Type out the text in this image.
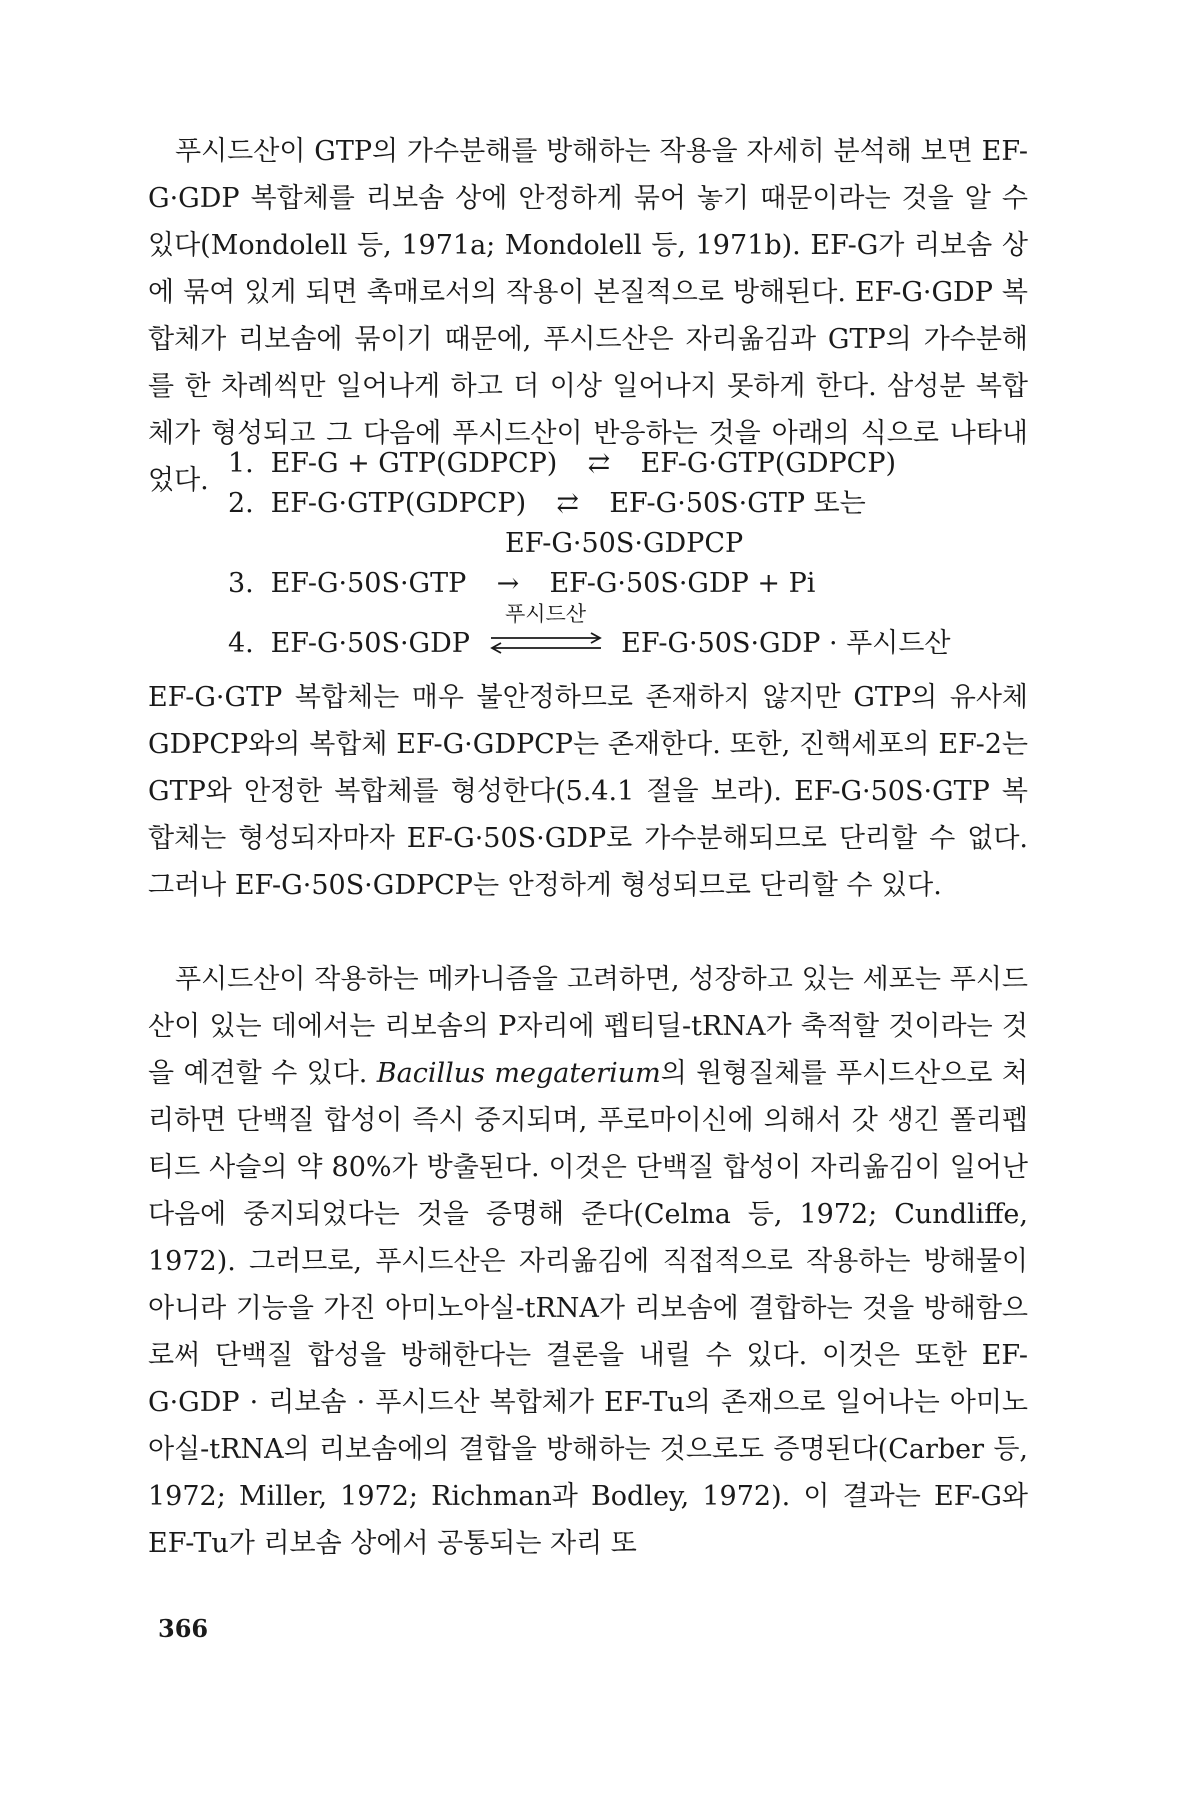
푸시드산이 GTP의 가수분해를 방해하는 작용을 자세히 분석해 보면 EF-G·GDP 복합체를 리보솜 상에 안정하게 묶어 놓기 때문이라는 것을 알 수 있다(Mondolell 등, 1971a; Mondolell 등, 1971b). EF-G가 리보솜 상에 묶여 있게 되면 촉매로서의 작용이 본질적으로 방해된다. EF-G·GDP 복합체가 리보솜에 묶이기 때문에, 푸시드산은 자리옮김과 GTP의 가수분해를 한 차례씩만 일어나게 하고 더 이상 일어나지 못하게 한다. 삼성분 복합체가 형성되고 그 다음에 푸시드산이 반응하는 것을 아래의 식으로 나타내었다.

1. EF-G + GTP(GDPCP) ⇄ EF-G·GTP(GDPCP)
2. EF-G·GTP(GDPCP) ⇄ EF-G·50S·GTP 또는
EF-G·50S·GDPCP
3. EF-G·50S·GTP → EF-G·50S·GDP + Pi
4. EF-G·50S·GDP
푸시드산
EF-G·50S·GDP · 푸시드산

EF-G·GTP 복합체는 매우 불안정하므로 존재하지 않지만 GTP의 유사체 GDPCP와의 복합체 EF-G·GDPCP는 존재한다. 또한, 진핵세포의 EF-2는 GTP와 안정한 복합체를 형성한다(5.4.1 절을 보라). EF-G·50S·GTP 복합체는 형성되자마자 EF-G·50S·GDP로 가수분해되므로 단리할 수 없다. 그러나 EF-G·50S·GDPCP는 안정하게 형성되므로 단리할 수 있다.

푸시드산이 작용하는 메카니즘을 고려하면, 성장하고 있는 세포는 푸시드산이 있는 데에서는 리보솜의 P자리에 펩티딜-tRNA가 축적할 것이라는 것을 예견할 수 있다. Bacillus megaterium의 원형질체를 푸시드산으로 처리하면 단백질 합성이 즉시 중지되며, 푸로마이신에 의해서 갓 생긴 폴리펩티드 사슬의 약 80%가 방출된다. 이것은 단백질 합성이 자리옮김이 일어난 다음에 중지되었다는 것을 증명해 준다(Celma 등, 1972; Cundliffe, 1972). 그러므로, 푸시드산은 자리옮김에 직접적으로 작용하는 방해물이 아니라 기능을 가진 아미노아실-tRNA가 리보솜에 결합하는 것을 방해함으로써 단백질 합성을 방해한다는 결론을 내릴 수 있다. 이것은 또한 EF-G·GDP · 리보솜 · 푸시드산 복합체가 EF-Tu의 존재으로 일어나는 아미노아실-tRNA의 리보솜에의 결합을 방해하는 것으로도 증명된다(Carber 등, 1972; Miller, 1972; Richman과 Bodley, 1972). 이 결과는 EF-G와 EF-Tu가 리보솜 상에서 공통되는 자리 또

366
